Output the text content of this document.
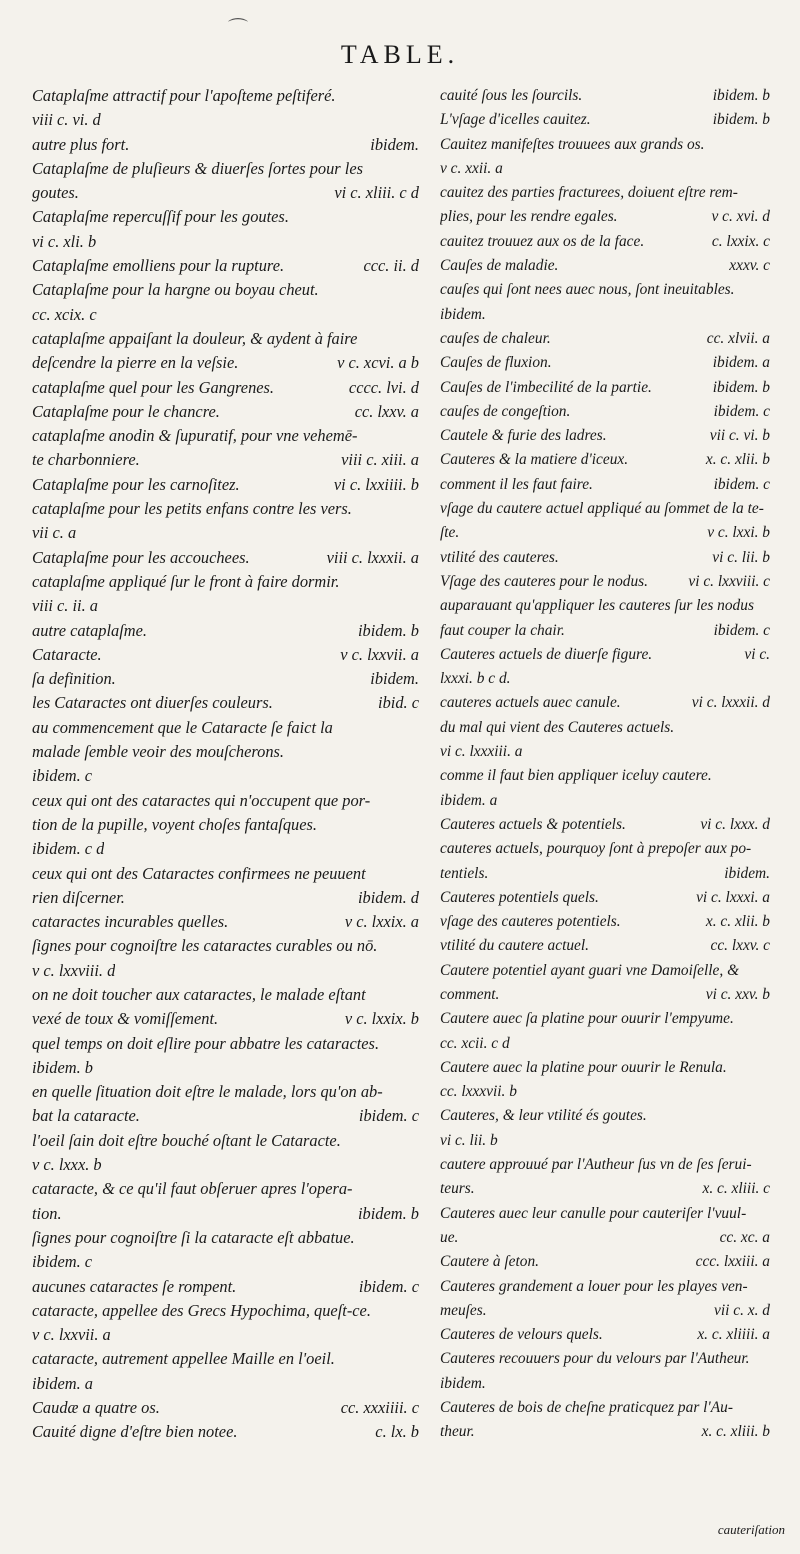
⌒
TABLE.
Cataplaſme attractif pour l'apoſteme peſtiferé.
viii c. vi. d
autre plus fort.	ibidem.
Cataplaſme de pluſieurs & diuerſes ſortes pour les
goutes.	vi c. xliii. c d
Cataplaſme repercuſſif pour les goutes.
vi c. xli. b
Cataplaſme emolliens pour la rupture.	ccc. ii. d
Cataplaſme pour la hargne ou boyau cheut.
cc. xcix. c
cataplaſme appaiſant la douleur, & aydent à faire
deſcendre la pierre en la veſsie.	v c. xcvi. a b
cataplaſme quel pour les Gangrenes.	cccc. lvi. d
Cataplaſme pour le chancre.	cc. lxxv. a
cataplaſme anodin & ſupuratif, pour vne vehemē-
te charbonniere.	viii c. xiii. a
Cataplaſme pour les carnoſitez.	vi c. lxxiiii. b
cataplaſme pour les petits enfans contre les vers.
vii c. a
Cataplaſme pour les accouchees.	viii c. lxxxii. a
cataplaſme appliqué ſur le front à faire dormir.
viii c. ii. a
autre cataplaſme.	ibidem. b
Cataracte.	v c. lxxvii. a
ſa definition.	ibidem.
les Cataractes ont diuerſes couleurs.	ibid. c
au commencement que le Cataracte ſe faict la
malade ſemble veoir des mouſcherons.
ibidem. c
ceux qui ont des cataractes qui n'occupent que por-
tion de la pupille, voyent choſes fantaſques.
ibidem. c d
ceux qui ont des Cataractes confirmees ne peuuent
rien diſcerner.	ibidem. d
cataractes incurables quelles.	v c. lxxix. a
ſignes pour cognoiſtre les cataractes curables ou nō.
v c. lxxviii. d
on ne doit toucher aux cataractes, le malade eſtant
vexé de toux & vomiſſement.	v c. lxxix. b
quel temps on doit eſlire pour abbatre les cataractes.
ibidem. b
en quelle ſituation doit eſtre le malade, lors qu'on ab-
bat la cataracte.	ibidem. c
l'oeil ſain doit eſtre bouché oſtant le Cataracte.
v c. lxxx. b
cataracte, & ce qu'il faut obſeruer apres l'opera-
tion.	ibidem. b
ſignes pour cognoiſtre ſi la cataracte eſt abbatue.
ibidem. c
aucunes cataractes ſe rompent.	ibidem. c
cataracte, appellee des Grecs Hypochima, queſt-ce.
v c. lxxvii. a
cataracte, autrement appellee Maille en l'oeil.
ibidem. a
Caudæ a quatre os.	cc. xxxiiii. c
Cauité digne d'eſtre bien notee.	c. lx. b
cauité ſous les ſourcils.	ibidem. b
L'vſage d'icelles cauitez.	ibidem. b
Cauitez manifeſtes trouuees aux grands os.
v c. xxii. a
cauitez des parties fracturees, doiuent eſtre rem-
plies, pour les rendre egales.	v c. xvi. d
cauitez trouuez aux os de la face.	c. lxxix. c
Cauſes de maladie.	xxxv. c
cauſes qui ſont nees auec nous, ſont ineuitables.
ibidem.
cauſes de chaleur.	cc. xlvii. a
Cauſes de fluxion.	ibidem. a
Cauſes de l'imbecilité de la partie.	ibidem. b
cauſes de congeſtion.	ibidem. c
Cautele & furie des ladres.	vii c. vi. b
Cauteres & la matiere d'iceux.	x. c. xlii. b
comment il les faut faire.	ibidem. c
vſage du cautere actuel appliqué au ſommet de la te-
ſte.	v c. lxxi. b
vtilité des cauteres.	vi c. lii. b
Vſage des cauteres pour le nodus.	vi c. lxxviii. c
auparauant qu'appliquer les cauteres ſur les nodus
faut couper la chair.	ibidem. c
Cauteres actuels de diuerſe figure.	vi c.
lxxxi. b c d.
cauteres actuels auec canule.	vi c. lxxxii. d
du mal qui vient des Cauteres actuels.
vi c. lxxxiii. a
comme il faut bien appliquer iceluy cautere.
ibidem. a
Cauteres actuels & potentiels.	vi c. lxxx. d
cauteres actuels, pourquoy ſont à prepoſer aux po-
tentiels.	ibidem.
Cauteres potentiels quels.	vi c. lxxxi. a
vſage des cauteres potentiels.	x. c. xlii. b
vtilité du cautere actuel.	cc. lxxv. c
Cautere potentiel ayant guari vne Damoiſelle, &
comment.	vi c. xxv. b
Cautere auec ſa platine pour ouurir l'empyume.
cc. xcii. c d
Cautere auec la platine pour ouurir le Renula.
cc. lxxxvii. b
Cauteres, & leur vtilité és goutes.
vi c. lii. b
cautere approuué par l'Autheur ſus vn de ſes ſerui-
teurs.	x. c. xliii. c
Cauteres auec leur canulle pour cauteriſer l'vuul-
ue.	cc. xc. a
Cautere à ſeton.	ccc. lxxiii. a
Cauteres grandement a louer pour les playes ven-
meuſes.	vii c. x. d
Cauteres de velours quels.	x. c. xliiii. a
Cauteres recouuers pour du velours par l'Autheur.
ibidem.
Cauteres de bois de cheſne praticquez par l'Au-
theur.	x. c. xliii. b
cauteriſation
